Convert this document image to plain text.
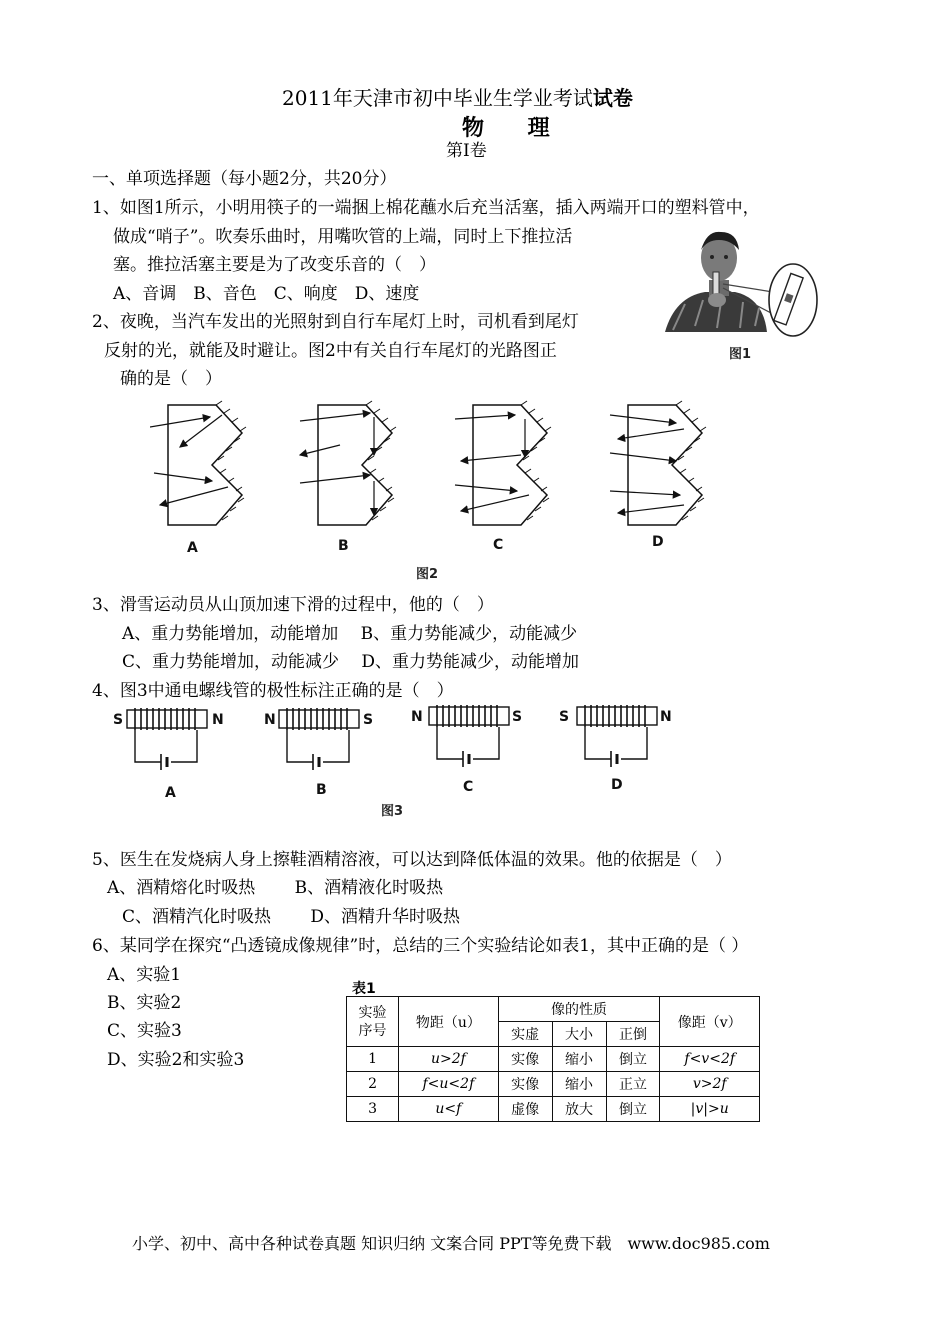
2011年天津市初中毕业生学业考试试卷
物 理
第Ⅰ卷
一、单项选择题（每小题2分，共20分）
1、如图1所示，小明用筷子的一端捆上棉花蘸水后充当活塞，插入两端开口的塑料管中，
做成“哨子”。吹奏乐曲时，用嘴吹管的上端，同时上下推拉活
塞。推拉活塞主要是为了改变乐音的（　）
A、音调　B、音色　C、响度　D、速度
图1
2、夜晚，当汽车发出的光照射到自行车尾灯上时，司机看到尾灯
反射的光，就能及时避让。图2中有关自行车尾灯的光路图正
确的是（　）
A	B	C	D
图2
3、滑雪运动员从山顶加速下滑的过程中，他的（　）
A、重力势能增加，动能增加　 B、重力势能减少，动能减少
C、重力势能增加，动能减少　 D、重力势能减少，动能增加
4、图3中通电螺线管的极性标注正确的是（　）
S	N	N	S	N	S	S	N
A	B	C	D
图3
5、医生在发烧病人身上擦鞋酒精溶液，可以达到降低体温的效果。他的依据是（　）
A、酒精熔化时吸热　　 B、酒精液化时吸热
C、酒精汽化时吸热　　 D、酒精升华时吸热
6、某同学在探究“凸透镜成像规律”时，总结的三个实验结论如表1，其中正确的是（ ）
A、实验1
B、实验2
C、实验3
D、实验2和实验3
表1
实验序号	物距（u）	像的性质			像距（v）
		实虚	大小	正倒	
1	u>2f	实像	缩小	倒立	f<v<2f
2	f<u<2f	实像	缩小	正立	v>2f
3	u<f	虚像	放大	倒立	|v|>u
小学、初中、高中各种试卷真题 知识归纳 文案合同 PPT等免费下载　www.doc985.com
